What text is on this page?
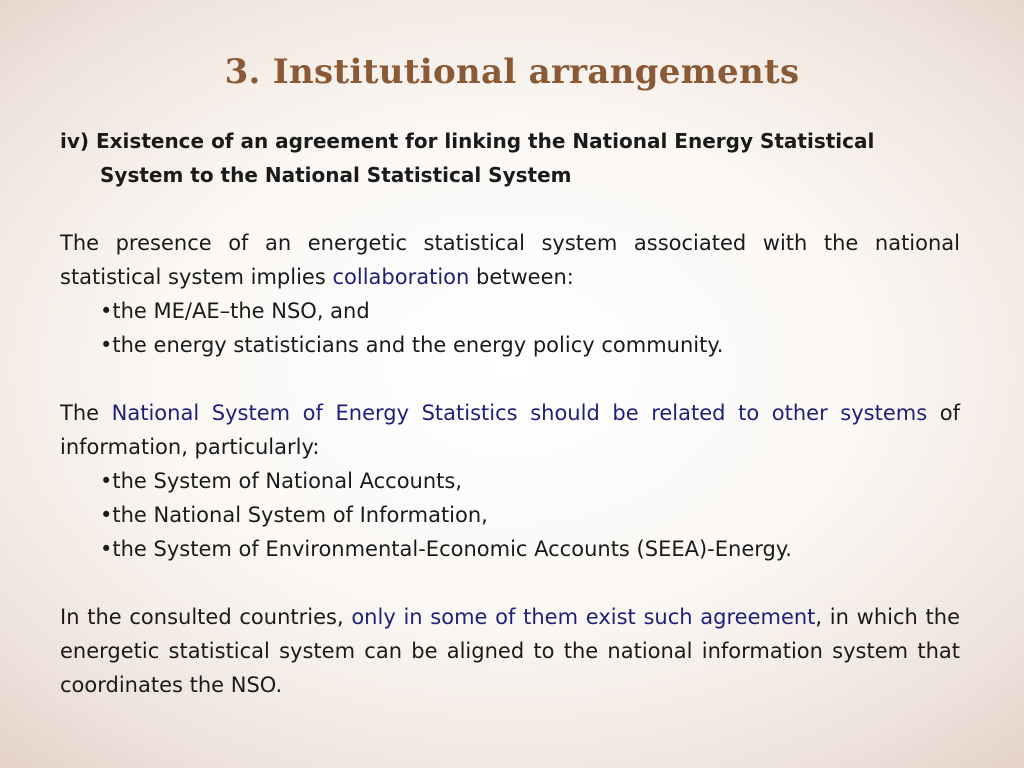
3. Institutional arrangements

iv) Existence of an agreement for linking the National Energy Statistical System to the National Statistical System

The presence of an energetic statistical system associated with the national statistical system implies collaboration between:

• the ME/AE–the NSO, and
• the energy statisticians and the energy policy community.

The National System of Energy Statistics should be related to other systems of information, particularly:

• the System of National Accounts,
• the National System of Information,
• the System of Environmental-Economic Accounts (SEEA)-Energy.

In the consulted countries, only in some of them exist such agreement, in which the energetic statistical system can be aligned to the national information system that coordinates the NSO.
